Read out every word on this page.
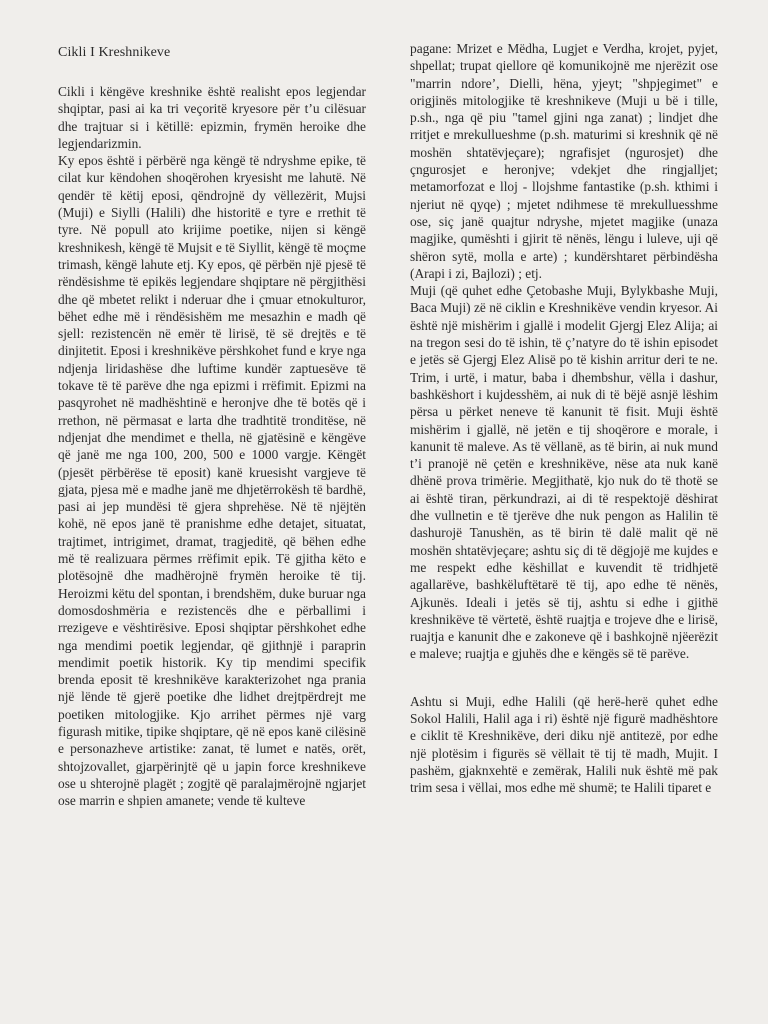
Cikli I Kreshnikeve

Cikli i këngëve kreshnike është realisht epos legjendar shqiptar, pasi ai ka tri veçoritë kryesore për t’u cilësuar dhe trajtuar si i këtillë: epizmin, frymën heroike dhe legjendarizmin.

Ky epos është i përbërë nga këngë të ndryshme epike, të cilat kur këndohen shoqërohen kryesisht me lahutë. Në qendër të këtij eposi, qëndrojnë dy vëllezërit, Mujsi (Muji) e Siylli (Halili) dhe historitë e tyre e rrethit të tyre. Në popull ato krijime poetike, nijen si këngë kreshnikesh, këngë të Mujsit e të Siyllit, këngë të moçme trimash, këngë lahute etj. Ky epos, që përbën një pjesë të rëndësishme të epikës legjendare shqiptare në përgjithësi dhe që mbetet relikt i nderuar dhe i çmuar etnokulturor, bëhet edhe më i rëndësishëm me mesazhin e madh që sjell: rezistencën në emër të lirisë, të së drejtës e të dinjitetit. Eposi i kreshnikëve përshkohet fund e krye nga ndjenja liridashëse dhe luftime kundër zaptuesëve të tokave të të parëve dhe nga epizmi i rrëfimit. Epizmi na pasqyrohet në madhështinë e heronjve dhe të botës që i rrethon, në përmasat e larta dhe tradhtitë tronditëse, në ndjenjat dhe mendimet e thella, në gjatësinë e këngëve që janë me nga 100, 200, 500 e 1000 vargje. Këngët (pjesët përbërëse të eposit) kanë kruesisht vargjeve të gjata, pjesa më e madhe janë me dhjetërrokësh të bardhë, pasi ai jep mundësi të gjera shprehëse. Në të njëjtën kohë, në epos janë të pranishme edhe detajet, situatat, trajtimet, intrigimet, dramat, tragjeditë, që bëhen edhe më të realizuara përmes rrëfimit epik. Të gjitha këto e plotësojnë dhe madhërojnë frymën heroike të tij. Heroizmi këtu del spontan, i brendshëm, duke buruar nga domosdoshmëria e rezistencës dhe e përballimi i rrezigeve e vështirësive. Eposi shqiptar përshkohet edhe nga mendimi poetik legjendar, që gjithnjë i paraprin mendimit poetik historik. Ky tip mendimi specifik brenda eposit të kreshnikëve karakterizohet nga prania një lënde të gjerë poetike dhe lidhet drejtpërdrejt me poetiken mitologjike. Kjo arrihet përmes një varg figurash mitike, tipike shqiptare, që në epos kanë cilësinë e personazheve artistike: zanat, të lumet e natës, orët, shtojzovallet, gjarpërinjtë që u japin force kreshnikeve ose u shterojnë plagët ; zogjtë që paralajmërojnë ngjarjet ose marrin e shpien amanete; vende të kulteve

pagane: Mrizet e Mëdha, Lugjet e Verdha, krojet, pyjet, shpellat; trupat qiellore që komunikojnë me njerëzit ose "marrin ndore’, Dielli, hëna, yjeyt; "shpjegimet" e origjinës mitologjike të kreshnikeve (Muji u bë i tille, p.sh., nga që piu "tamel gjini nga zanat) ; lindjet dhe rritjet e mrekullueshme (p.sh. maturimi si kreshnik që në moshën shtatëvjeçare); ngrafisjet (ngurosjet) dhe çngurosjet e heronjve; vdekjet dhe ringjalljet; metamorfozat e lloj - llojshme fantastike (p.sh. kthimi i njeriut në qyqe) ; mjetet ndihmese të mrekulluesshme ose, siç janë quajtur ndryshe, mjetet magjike (unaza magjike, qumështi i gjirit të nënës, lëngu i luleve, uji që shëron sytë, molla e arte) ; kundërshtaret përbindësha (Arapi i zi, Bajlozi) ; etj.

Muji (që quhet edhe Çetobashe Muji, Bylykbashe Muji, Baca Muji) zë në ciklin e Kreshnikëve vendin kryesor. Ai është një mishërim i gjallë i modelit Gjergj Elez Alija; ai na tregon sesi do të ishin, të ç’natyre do të ishin episodet e jetës së Gjergj Elez Alisë po të kishin arritur deri te ne. Trim, i urtë, i matur, baba i dhembshur, vëlla i dashur, bashkëshort i kujdesshëm, ai nuk di të bëjë asnjë lëshim përsa u përket neneve të kanunit të fisit. Muji është mishërim i gjallë, në jetën e tij shoqërore e morale, i kanunit të maleve. As të vëllanë, as të birin, ai nuk mund t’i pranojë në çetën e kreshnikëve, nëse ata nuk kanë dhënë prova trimërie. Megjithatë, kjo nuk do të thotë se ai është tiran, përkundrazi, ai di të respektojë dëshirat dhe vullnetin e të tjerëve dhe nuk pengon as Halilin të dashurojë Tanushën, as të birin të dalë malit që në moshën shtatëvjeçare; ashtu siç di të dëgjojë me kujdes e me respekt edhe këshillat e kuvendit të tridhjetë agallarëve, bashkëluftëtarë të tij, apo edhe të nënës, Ajkunës. Ideali i jetës së tij, ashtu si edhe i gjithë kreshnikëve të vërtetë, është ruajtja e trojeve dhe e lirisë, ruajtja e kanunit dhe e zakoneve që i bashkojnë njëerëzit e maleve; ruajtja e gjuhës dhe e këngës së të parëve.

Ashtu si Muji, edhe Halili (që herë-herë quhet edhe Sokol Halili, Halil aga i ri) është një figurë madhështore e ciklit të Kreshnikëve, deri diku një antitezë, por edhe një plotësim i figurës së vëllait të tij të madh, Mujit. I pashëm, gjaknxehtë e zemërak, Halili nuk është më pak trim sesa i vëllai, mos edhe më shumë; te Halili tiparet e
